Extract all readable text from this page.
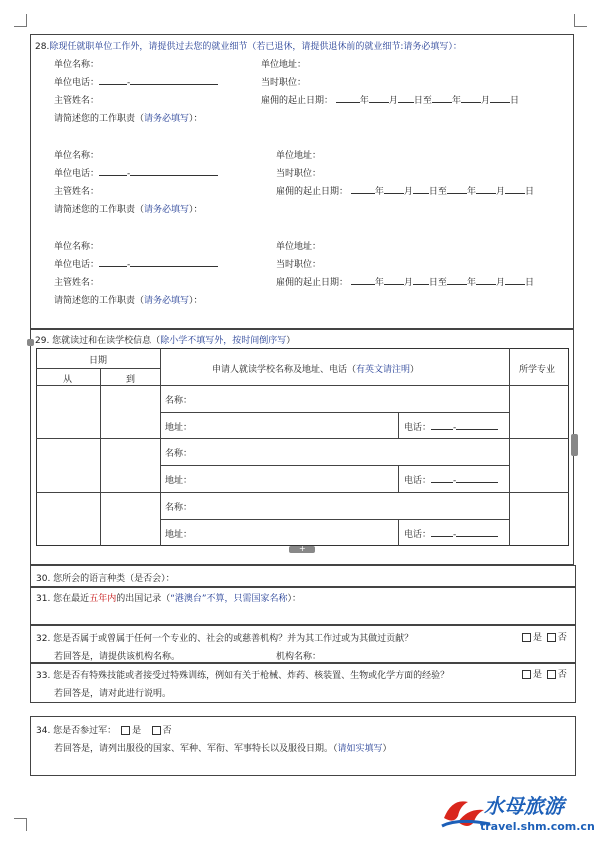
28.除现任就职单位工作外，请提供过去您的就业细节（若已退休，请提供退休前的就业细节:请务必填写）：
单位名称：	单位地址：
单位电话：	-	当时职位：
主管姓名：	雇佣的起止日期：	年 月 日至 年 月 日
请简述您的工作职责（请务必填写）：
单位名称：	单位地址：
单位电话：	-	当时职位：
主管姓名：	雇佣的起止日期：	年 月 日至 年 月 日
请简述您的工作职责（请务必填写）：
单位名称：	单位地址：
单位电话：	-	当时职位：
主管姓名：	雇佣的起止日期：	年 月 日至 年 月 日
请简述您的工作职责（请务必填写）：
29. 您就读过和在读学校信息（除小学不填写外，按时间倒序写）
日期
从	到
申请人就读学校名称及地址、电话（有英文请注明）	所学专业
名称：
地址：	电话： -
名称：
地址：	电话： -
名称：
地址：	电话： -
+
30. 您所会的语言种类（是否会）：
31. 您在最近五年内的出国记录（“港澳台”不算，只需国家名称）：
32. 您是否属于或曾属于任何一个专业的、社会的或慈善机构？并为其工作过或为其做过贡献？	是 否
若回答是，请提供该机构名称。	机构名称：
33. 您是否有特殊技能或者接受过特殊训练，例如有关于枪械、炸药、核装置、生物或化学方面的经验？	是 否
若回答是，请对此进行说明。
34. 您是否参过军： 是 否
若回答是，请列出服役的国家、军种、军衔、军事特长以及服役日期。（请如实填写）
水母旅游
travel.shm.com.cn
